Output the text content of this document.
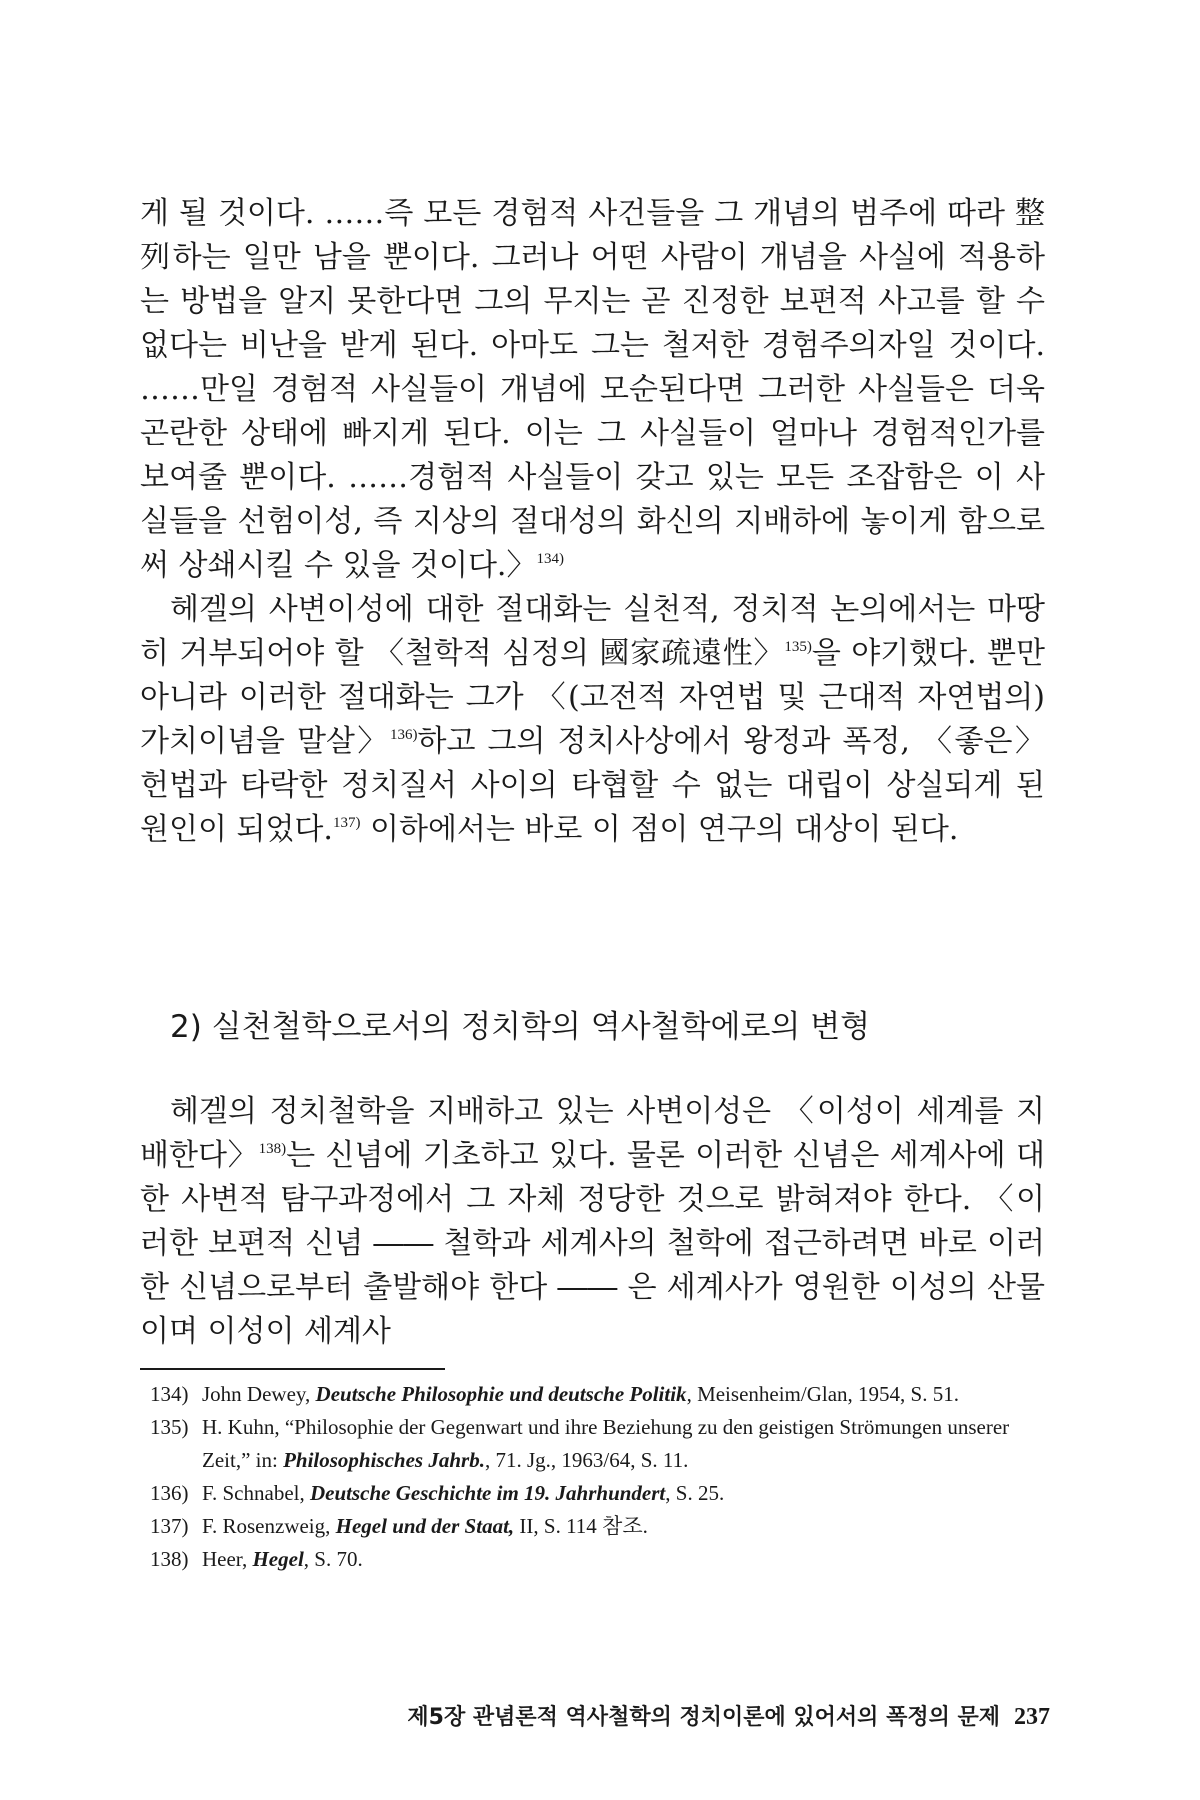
게 될 것이다. ……즉 모든 경험적 사건들을 그 개념의 범주에 따라 整列하는 일만 남을 뿐이다. 그러나 어떤 사람이 개념을 사실에 적용하는 방법을 알지 못한다면 그의 무지는 곧 진정한 보편적 사고를 할 수 없다는 비난을 받게 된다. 아마도 그는 철저한 경험주의자일 것이다. ……만일 경험적 사실들이 개념에 모순된다면 그러한 사실들은 더욱 곤란한 상태에 빠지게 된다. 이는 그 사실들이 얼마나 경험적인가를 보여줄 뿐이다. ……경험적 사실들이 갖고 있는 모든 조잡함은 이 사실들을 선험이성, 즉 지상의 절대성의 화신의 지배하에 놓이게 함으로써 상쇄시킬 수 있을 것이다.〉$^{134)}$

헤겔의 사변이성에 대한 절대화는 실천적, 정치적 논의에서는 마땅히 거부되어야 할 〈철학적 심정의 國家疏遠性〉$^{135)}$을 야기했다. 뿐만 아니라 이러한 절대화는 그가 〈(고전적 자연법 및 근대적 자연법의) 가치이념을 말살〉$^{136)}$하고 그의 정치사상에서 왕정과 폭정, 〈좋은〉 헌법과 타락한 정치질서 사이의 타협할 수 없는 대립이 상실되게 된 원인이 되었다.$^{137)}$ 이하에서는 바로 이 점이 연구의 대상이 된다.

2) 실천철학으로서의 정치학의 역사철학에로의 변형

헤겔의 정치철학을 지배하고 있는 사변이성은 〈이성이 세계를 지배한다〉$^{138)}$는 신념에 기초하고 있다. 물론 이러한 신념은 세계사에 대한 사변적 탐구과정에서 그 자체 정당한 것으로 밝혀져야 한다. 〈이러한 보편적 신념 ―― 철학과 세계사의 철학에 접근하려면 바로 이러한 신념으로부터 출발해야 한다 ―― 은 세계사가 영원한 이성의 산물이며 이성이 세계사

134) John Dewey, Deutsche Philosophie und deutsche Politik, Meisenheim/Glan, 1954, S. 51.
135) H. Kuhn, “Philosophie der Gegenwart und ihre Beziehung zu den geistigen Strömungen unserer Zeit,” in: Philosophisches Jahrb., 71. Jg., 1963/64, S. 11.
136) F. Schnabel, Deutsche Geschichte im 19. Jahrhundert, S. 25.
137) F. Rosenzweig, Hegel und der Staat, II, S. 114 참조.
138) Heer, Hegel, S. 70.
제5장 관념론적 역사철학의 정치이론에 있어서의 폭정의 문제 237
